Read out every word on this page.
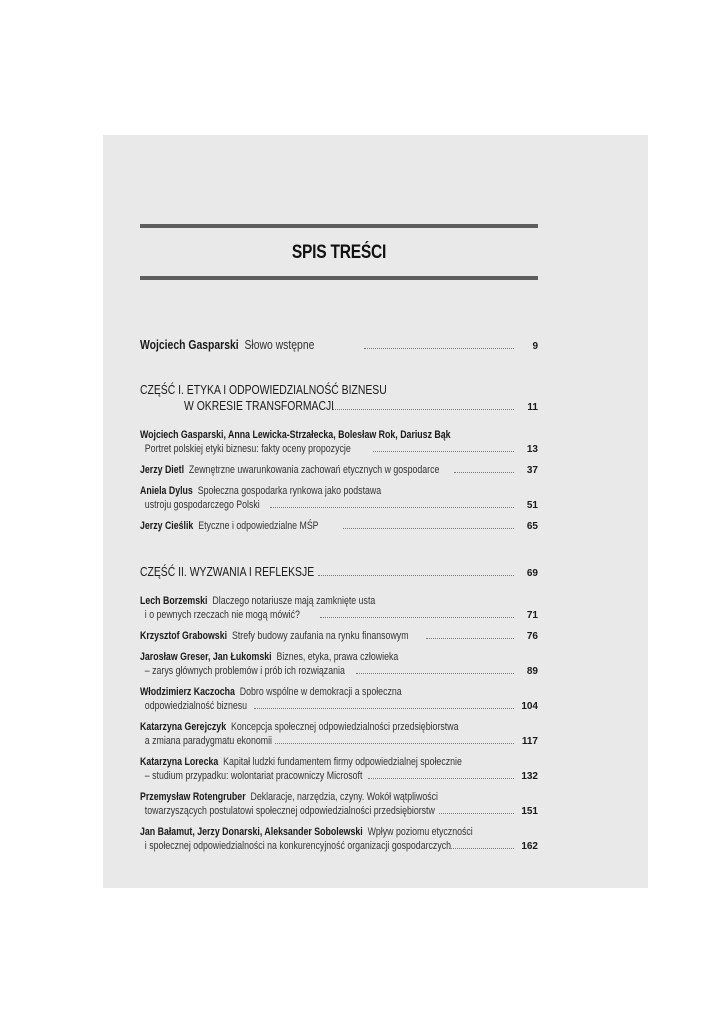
SPIS TREŚCI
Wojciech Gasparski Słowo wstępne	9
CZĘŚĆ I. ETYKA I ODPOWIEDZIALNOŚĆ BIZNESU
W OKRESIE TRANSFORMACJI	11
Wojciech Gasparski, Anna Lewicka-Strzałecka, Bolesław Rok, Dariusz Bąk
Portret polskiej etyki biznesu: fakty oceny propozycje	13
Jerzy Dietl Zewnętrzne uwarunkowania zachowań etycznych w gospodarce	37
Aniela Dylus Społeczna gospodarka rynkowa jako podstawa
ustroju gospodarczego Polski	51
Jerzy Cieślik Etyczne i odpowiedzialne MŚP	65
CZĘŚĆ II. WYZWANIA I REFLEKSJE	69
Lech Borzemski Dlaczego notariusze mają zamknięte usta
i o pewnych rzeczach nie mogą mówić?	71
Krzysztof Grabowski Strefy budowy zaufania na rynku finansowym	76
Jarosław Greser, Jan Łukomski Biznes, etyka, prawa człowieka
– zarys głównych problemów i prób ich rozwiązania	89
Włodzimierz Kaczocha Dobro wspólne w demokracji a społeczna
odpowiedzialność biznesu	104
Katarzyna Gerejczyk Koncepcja społecznej odpowiedzialności przedsiębiorstwa
a zmiana paradygmatu ekonomii	117
Katarzyna Lorecka Kapitał ludzki fundamentem firmy odpowiedzialnej społecznie
– studium przypadku: wolontariat pracowniczy Microsoft	132
Przemysław Rotengruber Deklaracje, narzędzia, czyny. Wokół wątpliwości
towarzyszących postulatowi społecznej odpowiedzialności przedsiębiorstw	151
Jan Bałamut, Jerzy Donarski, Aleksander Sobolewski Wpływ poziomu etyczności
i społecznej odpowiedzialności na konkurencyjność organizacji gospodarczych	162
